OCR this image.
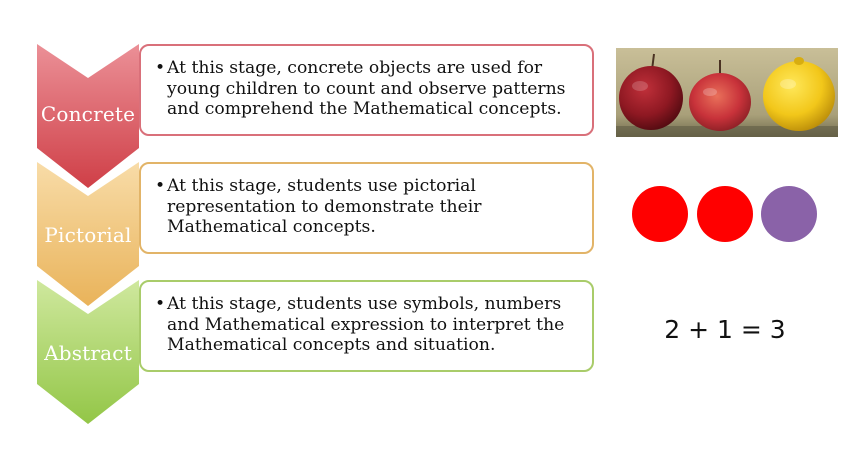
Concrete
• At this stage, concrete objects are used for young children to count and observe patterns and comprehend the Mathematical concepts.
Pictorial
• At this stage, students use pictorial representation to demonstrate their Mathematical concepts.
Abstract
• At this stage, students use symbols, numbers and Mathematical expression to interpret the Mathematical concepts and situation.
2 + 1 = 3
